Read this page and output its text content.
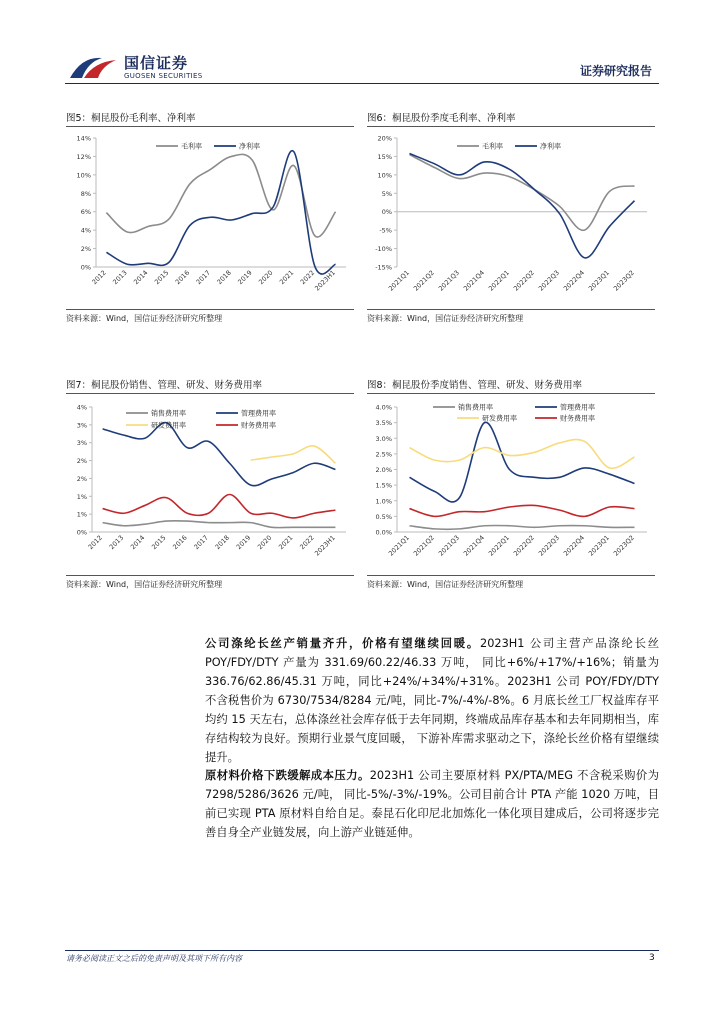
国信证券
GUOSEN SECURITIES	证券研究报告
图5：桐昆股份毛利率、净利率	图6：桐昆股份季度毛利率、净利率
0%
2%
4%
6%
8%
10%
12%
14%
2012 2013 2014 2015 2016 2017 2018 2019 2020 2021 2022
2023H1
毛利率	净利率
-15%
-10%
-5%
0%
5%
10%
15%
20%
2021Q1 2021Q2 2021Q3 2021Q4 2022Q1 2022Q2 2022Q3 2022Q4 2023Q1 2023Q2
毛利率	净利率
资料来源：Wind，国信证券经济研究所整理	资料来源：Wind，国信证券经济研究所整理
图7：桐昆股份销售、管理、研发、财务费用率	图8：桐昆股份季度销售、管理、研发、财务费用率
0%
1%
1%
2%
2%
3%
3%
4%
2012 2013 2014 2015 2016 2017 2018 2019 2020 2021 2022
2023H1
销售费用率	管理费用率
研发费用率	财务费用率
0.0%
0.5%
1.0%
1.5%
2.0%
2.5%
3.0%
3.5%
4.0%
2021Q1 2021Q2 2021Q3 2021Q4 2022Q1 2022Q2 2022Q3 2022Q4 2023Q1 2023Q2
销售费用率	管理费用率
研发费用率	财务费用率
资料来源：Wind，国信证券经济研究所整理	资料来源：Wind，国信证券经济研究所整理
公司涤纶长丝产销量齐升，价格有望继续回暖。2023H1 公司主营产品涤纶长丝 POY/FDY/DTY 产量为 331.69/60.22/46.33 万吨， 同比+6%/+17%/+16%；销量为 336.76/62.86/45.31 万吨，同比+24%/+34%/+31%。2023H1 公司 POY/FDY/DTY 不含税售价为 6730/7534/8284 元/吨，同比-7%/-4%/-8%。6 月底长丝工厂权益库存平均约 15 天左右，总体涤丝社会库存低于去年同期，终端成品库存基本和去年同期相当，库存结构较为良好。预期行业景气度回暖， 下游补库需求驱动之下，涤纶长丝价格有望继续提升。
原材料价格下跌缓解成本压力。2023H1 公司主要原材料 PX/PTA/MEG 不含税采购价为 7298/5286/3626 元/吨， 同比-5%/-3%/-19%。公司目前合计 PTA 产能 1020 万吨，目前已实现 PTA 原材料自给自足。泰昆石化印尼北加炼化一体化项目建成后，公司将逐步完善自身全产业链发展，向上游产业链延伸。
请务必阅读正文之后的免责声明及其项下所有内容	3
